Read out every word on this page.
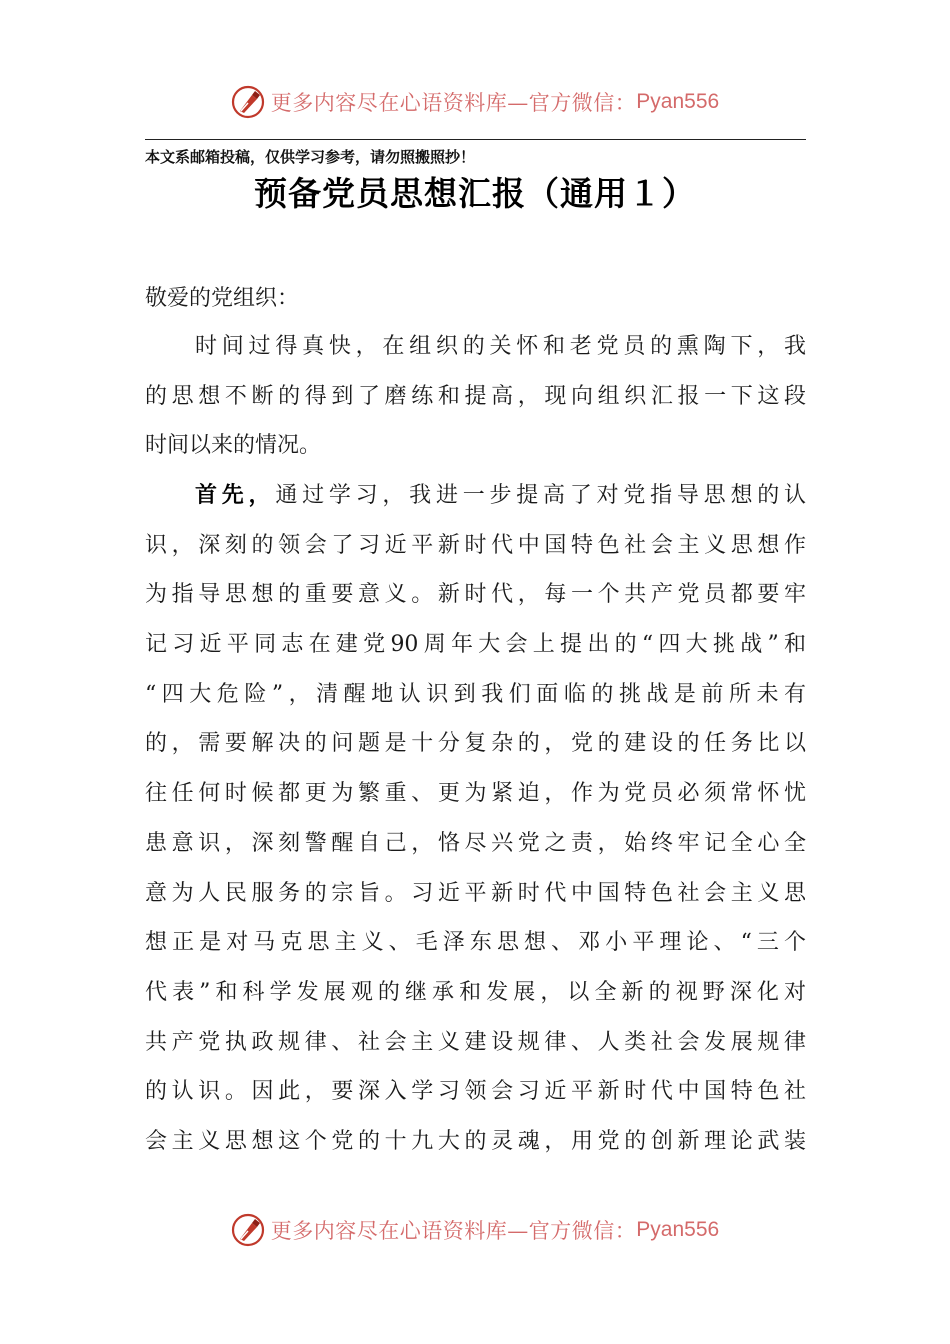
更多内容尽在心语资料库—官方微信： Pyan556
本文系邮箱投稿，仅供学习参考，请勿照搬照抄！
预备党员思想汇报（通用１）
敬爱的党组织：
时间过得真快，在组织的关怀和老党员的熏陶下，我
的思想不断的得到了磨练和提高，现向组织汇报一下这段
时间以来的情况。
首先，通过学习，我进一步提高了对党指导思想的认
识，深刻的领会了习近平新时代中国特色社会主义思想作
为指导思想的重要意义。新时代，每一个共产党员都要牢
记习近平同志在建党90周年大会上提出的“四大挑战”和
“四大危险”，清醒地认识到我们面临的挑战是前所未有
的，需要解决的问题是十分复杂的，党的建设的任务比以
往任何时候都更为繁重、更为紧迫，作为党员必须常怀忧
患意识，深刻警醒自己，恪尽兴党之责，始终牢记全心全
意为人民服务的宗旨。习近平新时代中国特色社会主义思
想正是对马克思主义、毛泽东思想、邓小平理论、“三个
代表”和科学发展观的继承和发展，以全新的视野深化对
共产党执政规律、社会主义建设规律、人类社会发展规律
的认识。因此，要深入学习领会习近平新时代中国特色社
会主义思想这个党的十九大的灵魂，用党的创新理论武装
更多内容尽在心语资料库—官方微信： Pyan556
